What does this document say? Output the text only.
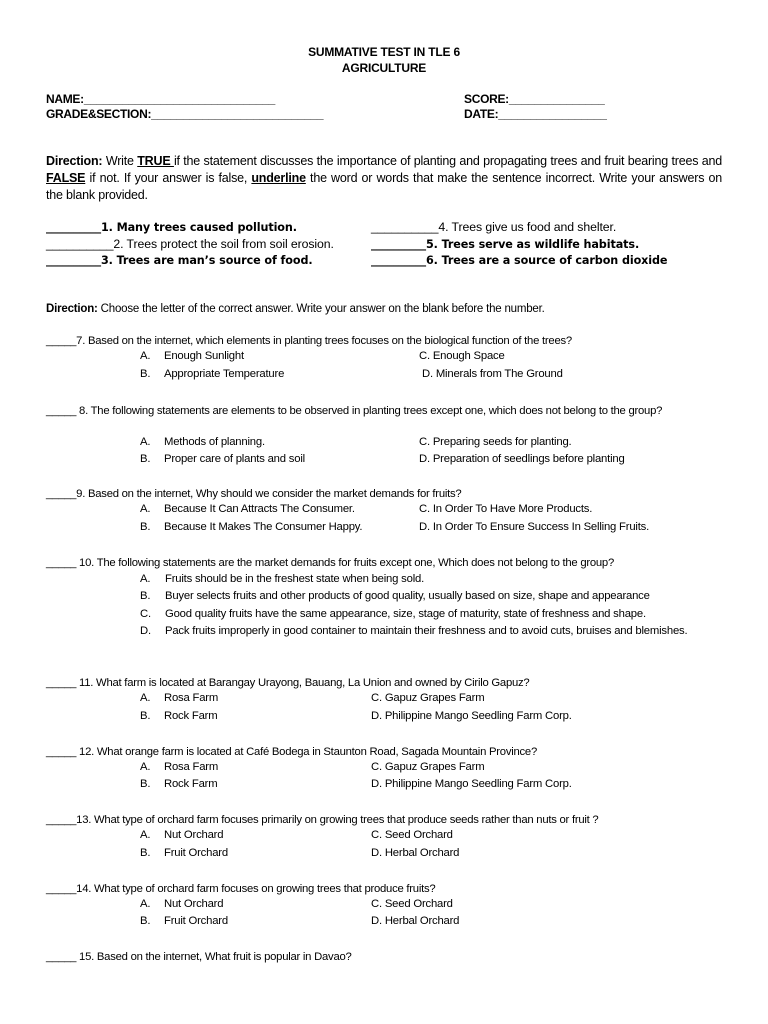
SUMMATIVE TEST IN TLE 6
AGRICULTURE
NAME:______________________________
GRADE&SECTION:___________________________
SCORE:_______________
DATE:_________________
Direction: Write TRUE if the statement discusses the importance of planting and propagating trees and fruit bearing trees and FALSE if not. If your answer is false, underline the word or words that make the sentence incorrect. Write your answers on the blank provided.
__________1. Many trees caused pollution.
__________2. Trees protect the soil from soil erosion.
__________3. Trees are man’s source of food.
__________4. Trees give us food and shelter.
__________5. Trees serve as wildlife habitats.
__________6. Trees are a source of carbon dioxide
Direction: Choose the letter of the correct answer. Write your answer on the blank before the number.
_____7. Based on the internet, which elements in planting trees focuses on the biological function of the trees?
A. Enough Sunlight
B. Appropriate Temperature
C. Enough Space
D. Minerals from The Ground
_____ 8. The following statements are elements to be observed in planting trees except one, which does not belong to the group?
A. Methods of planning.
B. Proper care of plants and soil
C. Preparing seeds for planting.
D. Preparation of seedlings before planting
_____9. Based on the internet, Why should we consider the market demands for fruits?
A. Because It Can Attracts The Consumer.
B. Because It Makes The Consumer Happy.
C. In Order To Have More Products.
D. In Order To Ensure Success In Selling Fruits.
_____ 10. The following statements are the market demands for fruits except one, Which does not belong to the group?
A. Fruits should be in the freshest state when being sold.
B. Buyer selects fruits and other products of good quality, usually based on size, shape and appearance
C. Good quality fruits have the same appearance, size, stage of maturity, state of freshness and shape.
D. Pack fruits improperly in good container to maintain their freshness and to avoid cuts, bruises and blemishes.
_____ 11. What farm is located at Barangay Urayong, Bauang, La Union and owned by Cirilo Gapuz?
A. Rosa Farm
B. Rock Farm
C. Gapuz Grapes Farm
D. Philippine Mango Seedling Farm Corp.
_____ 12. What orange farm is located at Café Bodega in Staunton Road, Sagada Mountain Province?
A. Rosa Farm
B. Rock Farm
C. Gapuz Grapes Farm
D. Philippine Mango Seedling Farm Corp.
_____13. What type of orchard farm focuses primarily on growing trees that produce seeds rather than nuts or fruit ?
A. Nut Orchard
B. Fruit Orchard
C. Seed Orchard
D. Herbal Orchard
_____14. What type of orchard farm focuses on growing trees that produce fruits?
A. Nut Orchard
B. Fruit Orchard
C. Seed Orchard
D. Herbal Orchard
_____ 15. Based on the internet, What fruit is popular in Davao?
